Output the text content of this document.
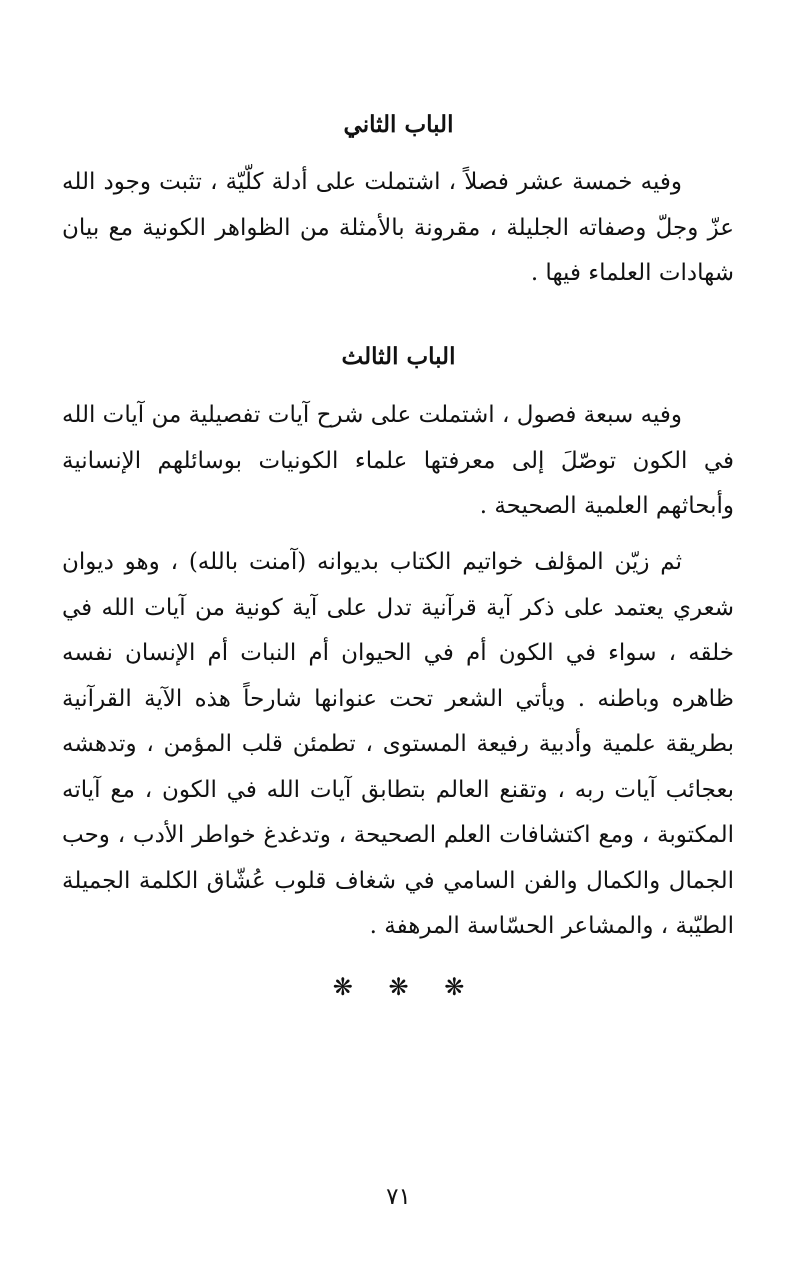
الباب الثاني
وفيه خمسة عشر فصلاً ، اشتملت على أدلة كلّيّة ، تثبت وجود الله عزّ وجلّ وصفاته الجليلة ، مقرونة بالأمثلة من الظواهر الكونية مع بيان شهادات العلماء فيها .
الباب الثالث
وفيه سبعة فصول ، اشتملت على شرح آيات تفصيلية من آيات الله في الكون توصّلَ إلى معرفتها علماء الكونيات بوسائلهم الإنسانية وأبحاثهم العلمية الصحيحة .
ثم زيّن المؤلف خواتيم الكتاب بديوانه (آمنت بالله) ، وهو ديوان شعري يعتمد على ذكر آية قرآنية تدل على آية كونية من آيات الله في خلقه ، سواء في الكون أم في الحيوان أم النبات أم الإنسان نفسه ظاهره وباطنه . ويأتي الشعر تحت عنوانها شارحاً هذه الآية القرآنية بطريقة علمية وأدبية رفيعة المستوى ، تطمئن قلب المؤمن ، وتدهشه بعجائب آيات ربه ، وتقنع العالم بتطابق آيات الله في الكون ، مع آياته المكتوبة ، ومع اكتشافات العلم الصحيحة ، وتدغدغ خواطر الأدب ، وحب الجمال والكمال والفن السامي في شغاف قلوب عُشّاق الكلمة الجميلة الطيّبة ، والمشاعر الحسّاسة المرهفة .
❋ ❋ ❋
٧١
